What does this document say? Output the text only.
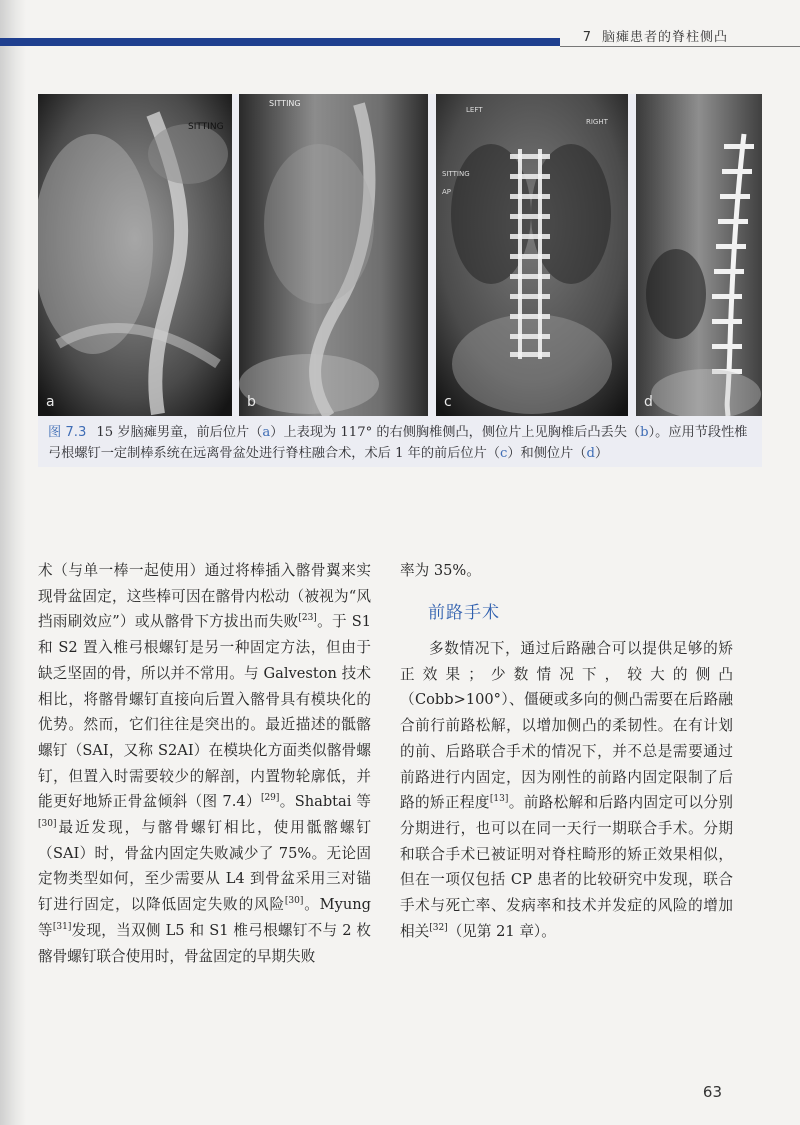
7 脑瘫患者的脊柱侧凸
SITTING
a
SITTING
b
LEFT
RIGHT
SITTING
AP
c	d
图 7.3 15 岁脑瘫男童，前后位片（a）上表现为 117° 的右侧胸椎侧凸，侧位片上见胸椎后凸丢失（b）。应用节段性椎弓根螺钉一定制棒系统在远离骨盆处进行脊柱融合术，术后 1 年的前后位片（c）和侧位片（d）

术（与单一棒一起使用）通过将棒插入髂骨翼来实现骨盆固定，这些棒可因在髂骨内松动（被视为“风挡雨刷效应”）或从髂骨下方拔出而失败[23]。于 S1 和 S2 置入椎弓根螺钉是另一种固定方法，但由于缺乏坚固的骨，所以并不常用。与 Galveston 技术相比，将髂骨螺钉直接向后置入髂骨具有模块化的优势。然而，它们往往是突出的。最近描述的骶髂螺钉（SAI，又称 S2AI）在模块化方面类似髂骨螺钉，但置入时需要较少的解剖，内置物轮廓低，并能更好地矫正骨盆倾斜（图 7.4）[29]。Shabtai 等[30]最近发现，与髂骨螺钉相比，使用骶髂螺钉（SAI）时，骨盆内固定失败减少了 75%。无论固定物类型如何，至少需要从 L4 到骨盆采用三对锚钉进行固定，以降低固定失败的风险[30]。Myung 等[31]发现，当双侧 L5 和 S1 椎弓根螺钉不与 2 枚髂骨螺钉联合使用时，骨盆固定的早期失败

率为 35%。

前路手术

多数情况下，通过后路融合可以提供足够的矫正效果；少数情况下，较大的侧凸（Cobb>100°）、僵硬或多向的侧凸需要在后路融合前行前路松解，以增加侧凸的柔韧性。在有计划的前、后路联合手术的情况下，并不总是需要通过前路进行内固定，因为刚性的前路内固定限制了后路的矫正程度[13]。前路松解和后路内固定可以分别分期进行，也可以在同一天行一期联合手术。分期和联合手术已被证明对脊柱畸形的矫正效果相似，但在一项仅包括 CP 患者的比较研究中发现，联合手术与死亡率、发病率和技术并发症的风险的增加相关[32]（见第 21 章）。

63
